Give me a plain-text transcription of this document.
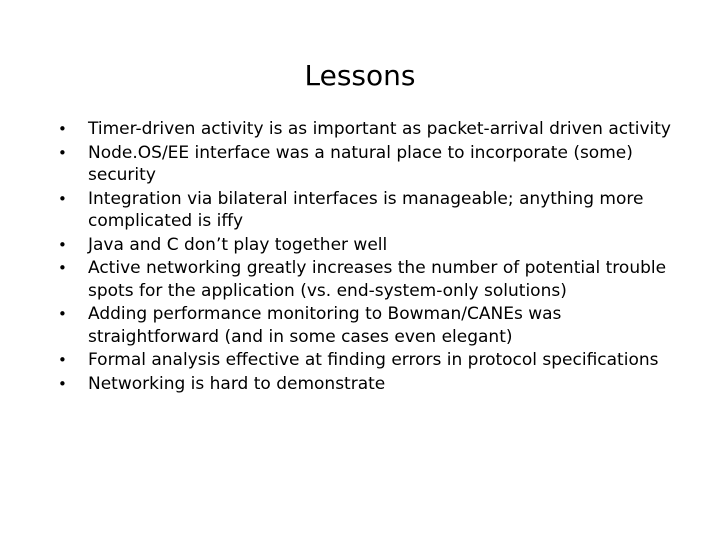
Lessons
•	Timer-driven activity is as important as packet-arrival driven activity
•	Node.OS/EE interface was a natural place to incorporate (some) security
•	Integration via bilateral interfaces is manageable; anything more complicated is iffy
•	Java and C don’t play together well
•	Active networking greatly increases the number of potential trouble spots for the application (vs. end-system-only solutions)
•	Adding performance monitoring to Bowman/CANEs was straightforward (and in some cases even elegant)
•	Formal analysis effective at finding errors in protocol specifications
•	Networking is hard to demonstrate
